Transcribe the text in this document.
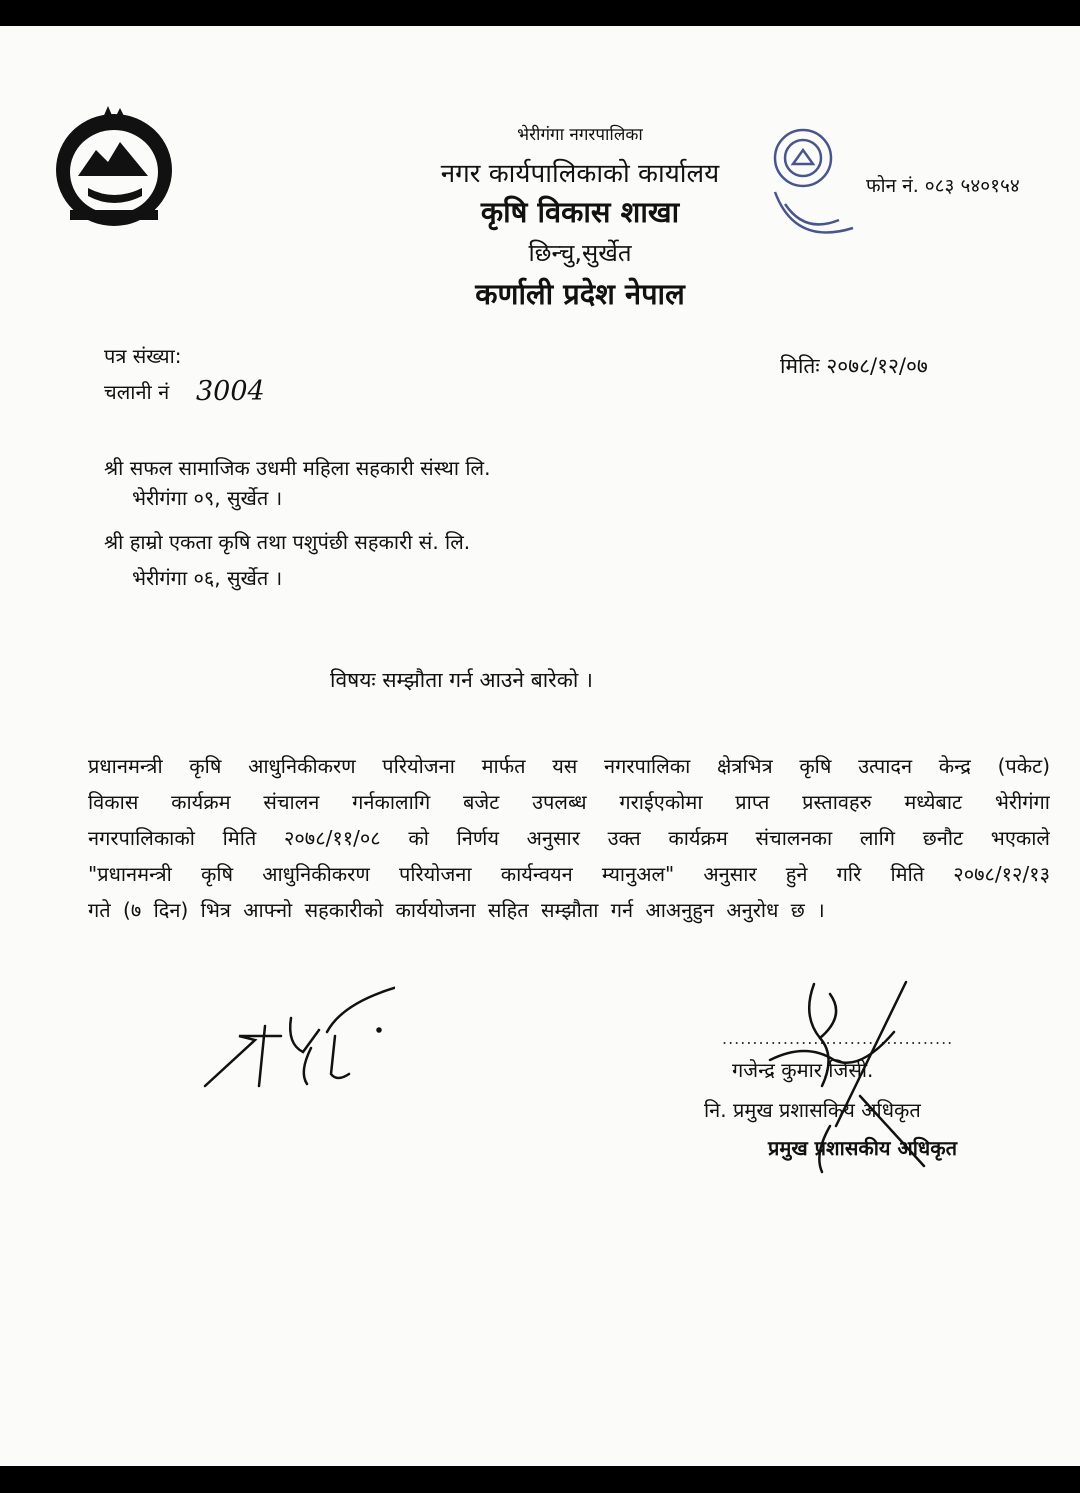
भेरीगंगा नगरपालिका
नगर कार्यपालिकाको कार्यालय
कृषि विकास शाखा
छिन्चु,सुर्खेत
कर्णाली प्रदेश नेपाल
फोन नं. ०८३ ५४०१५४
पत्र संख्या:
चलानी नं 3004
मितिः २०७८/१२/०७
श्री सफल सामाजिक उधमी महिला सहकारी संस्था लि.
भेरीगंगा ०९, सुर्खेत ।
श्री हाम्रो एकता कृषि तथा पशुपंछी सहकारी सं. लि.
भेरीगंगा ०६, सुर्खेत ।
विषयः सम्झौता गर्न आउने बारेको ।

प्रधानमन्त्री कृषि आधुनिकीकरण परियोजना मार्फत यस नगरपालिका क्षेत्रभित्र कृषि उत्पादन केन्द्र (पकेट)

विकास कार्यक्रम संचालन गर्नकालागि बजेट उपलब्ध गराईएकोमा प्राप्त प्रस्तावहरु मध्येबाट भेरीगंगा

नगरपालिकाको मिति २०७८/११/०८ को निर्णय अनुसार उक्त कार्यक्रम संचालनका लागि छनौट भएकाले

"प्रधानमन्त्री कृषि आधुनिकीकरण परियोजना कार्यन्वयन म्यानुअल" अनुसार हुने गरि मिति २०७८/१२/१३

गते (७ दिन) भित्र आफ्नो सहकारीको कार्ययोजना सहित सम्झौता गर्न आअनुहुन अनुरोध छ ।

......................................
गजेन्द्र कुमार जिसी.
नि. प्रमुख प्रशासकिय अधिकृत
प्रमुख प्रशासकीय अधिकृत
